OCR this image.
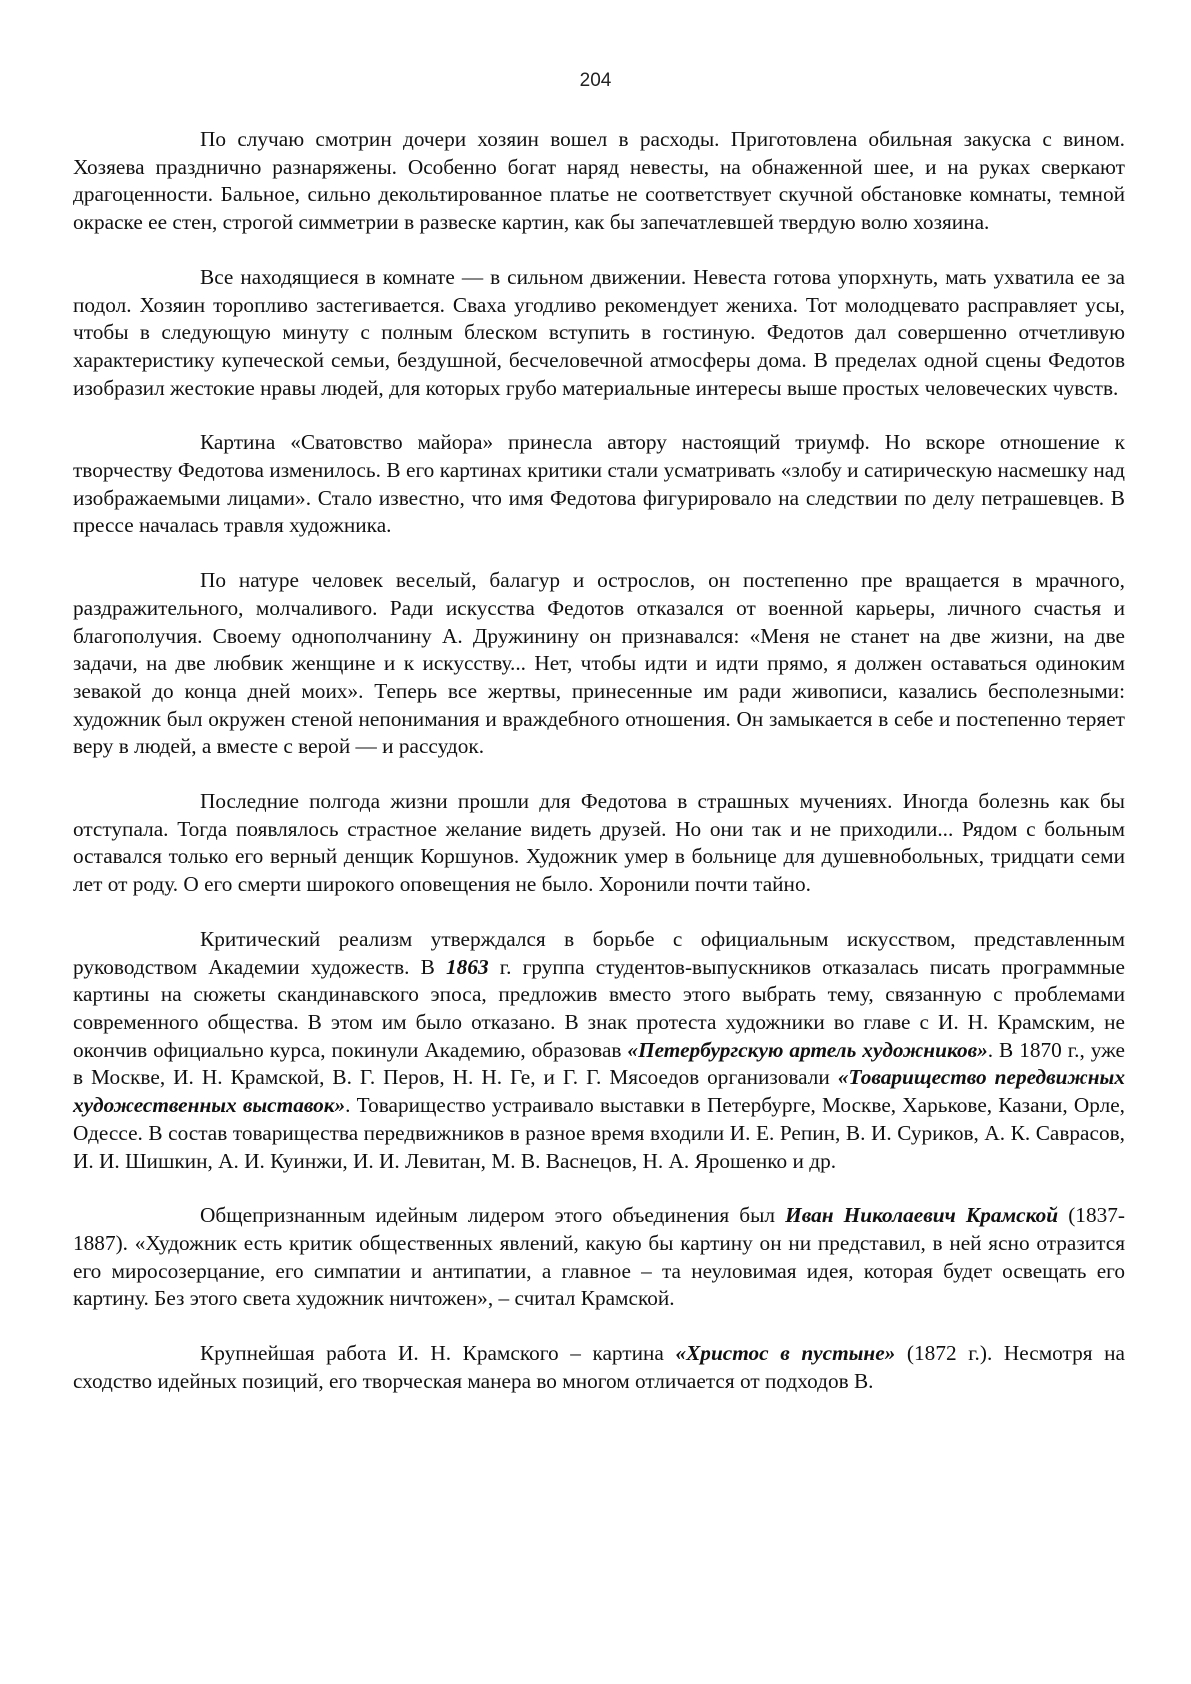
204

По случаю смотрин дочери хозяин вошел в расходы. Приготовлена обильная закуска с вином. Хозяева празднично разнаряжены. Особенно богат наряд невесты, на обнаженной шее, и на руках сверкают драгоценности. Бальное, сильно декольтированное платье не соответствует скучной обстановке комнаты, темной окраске ее стен, строгой симметрии в развеске картин, как бы запечатлевшей твердую волю хозяина.

Все находящиеся в комнате — в сильном движении. Невеста готова упорхнуть, мать ухватила ее за подол. Хозяин торопливо застегивается. Сваха угодливо рекомендует жениха. Тот молодцевато расправляет усы, чтобы в следующую минуту с полным блеском вступить в гостиную. Федотов дал совершенно отчетливую характеристику купеческой семьи, бездушной, бесчеловечной атмосферы дома. В пределах одной сцены Федотов изобразил жестокие нравы людей, для которых грубо материальные интересы выше простых человеческих чувств.

Картина «Сватовство майора» принесла автору настоящий триумф. Но вскоре отношение к творчеству Федотова изменилось. В его картинах критики стали усматривать «злобу и сатирическую насмешку над изображаемыми лицами». Стало известно, что имя Федотова фигурировало на следствии по делу петрашевцев. В прессе началась травля художника.

По натуре человек веселый, балагур и острослов, он постепенно пре вращается в мрачного, раздражительного, молчаливого. Ради искусства Федотов отказался от военной карьеры, личного счастья и благополучия. Своему однополчанину А. Дружинину он признавался: «Меня не станет на две жизни, на две задачи, на две любвик женщине и к искусству... Нет, чтобы идти и идти прямо, я должен оставаться одиноким зевакой до конца дней моих». Теперь все жертвы, принесенные им ради живописи, казались бесполезными: художник был окружен стеной непонимания и враждебного отношения. Он замыкается в себе и постепенно теряет веру в людей, а вместе с верой — и рассудок.

Последние полгода жизни прошли для Федотова в страшных мучениях. Иногда болезнь как бы отступала. Тогда появлялось страстное желание видеть друзей. Но они так и не приходили... Рядом с больным оставался только его верный денщик Коршунов. Художник умер в больнице для душевнобольных, тридцати семи лет от роду. О его смерти широкого оповещения не было. Хоронили почти тайно.

Критический реализм утверждался в борьбе с официальным искусством, представленным руководством Академии художеств. В 1863 г. группа студентов-выпускников отказалась писать программные картины на сюжеты скандинавского эпоса, предложив вместо этого выбрать тему, связанную с проблемами современного общества. В этом им было отказано. В знак протеста художники во главе с И. Н. Крамским, не окончив официально курса, покинули Академию, образовав «Петербургскую артель художников». В 1870 г., уже в Москве, И. Н. Крамской, В. Г. Перов, Н. Н. Ге, и Г. Г. Мясоедов организовали «Товарищество передвижных художественных выставок». Товарищество устраивало выставки в Петербурге, Москве, Харькове, Казани, Орле, Одессе. В состав товарищества передвижников в разное время входили И. Е. Репин, В. И. Суриков, А. К. Саврасов, И. И. Шишкин, А. И. Куинжи, И. И. Левитан, М. В. Васнецов, Н. А. Ярошенко и др.

Общепризнанным идейным лидером этого объединения был Иван Николаевич Крамской (1837-1887). «Художник есть критик общественных явлений, какую бы картину он ни представил, в ней ясно отразится его миросозерцание, его симпатии и антипатии, а главное – та неуловимая идея, которая будет освещать его картину. Без этого света художник ничтожен», – считал Крамской.

Крупнейшая работа И. Н. Крамского – картина «Христос в пустыне» (1872 г.). Несмотря на сходство идейных позиций, его творческая манера во многом отличается от подходов В.
